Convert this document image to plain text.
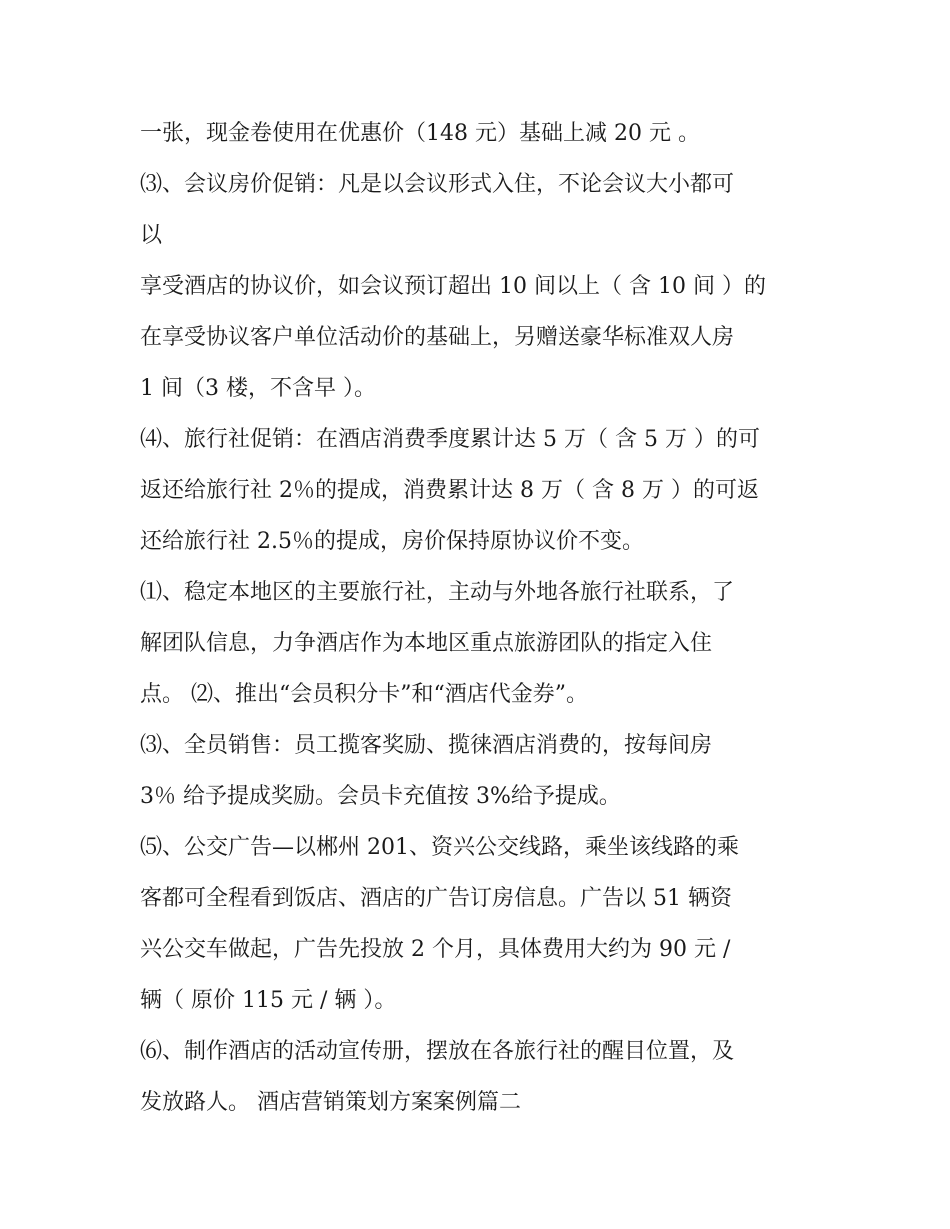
一张，现金卷使用在优惠价（148 元）基础上减 20 元 。
⑶、会议房价促销：凡是以会议形式入住，不论会议大小都可
以
享受酒店的协议价，如会议预订超出 10 间以上（ 含 10 间 ）的
在享受协议客户单位活动价的基础上，另赠送豪华标准双人房
1 间（3 楼，不含早 ）。
⑷、旅行社促销：在酒店消费季度累计达 5 万（ 含 5 万 ）的可
返还给旅行社 2％的提成，消费累计达 8 万（ 含 8 万 ）的可返
还给旅行社 2.5％的提成，房价保持原协议价不变。
⑴、稳定本地区的主要旅行社，主动与外地各旅行社联系，了
解团队信息，力争酒店作为本地区重点旅游团队的指定入住
点。 ⑵、推出“会员积分卡”和“酒店代金券”。
⑶、全员销售：员工揽客奖励、揽徕酒店消费的，按每间房
3％ 给予提成奖励。会员卡充值按 3%给予提成。
⑸、公交广告—以郴州 201、资兴公交线路，乘坐该线路的乘
客都可全程看到饭店、酒店的广告订房信息。广告以 51 辆资
兴公交车做起，广告先投放 2 个月，具体费用大约为 90 元 /
辆（ 原价 115 元 / 辆 ）。
⑹、制作酒店的活动宣传册，摆放在各旅行社的醒目位置，及
发放路人。 酒店营销策划方案案例篇二
